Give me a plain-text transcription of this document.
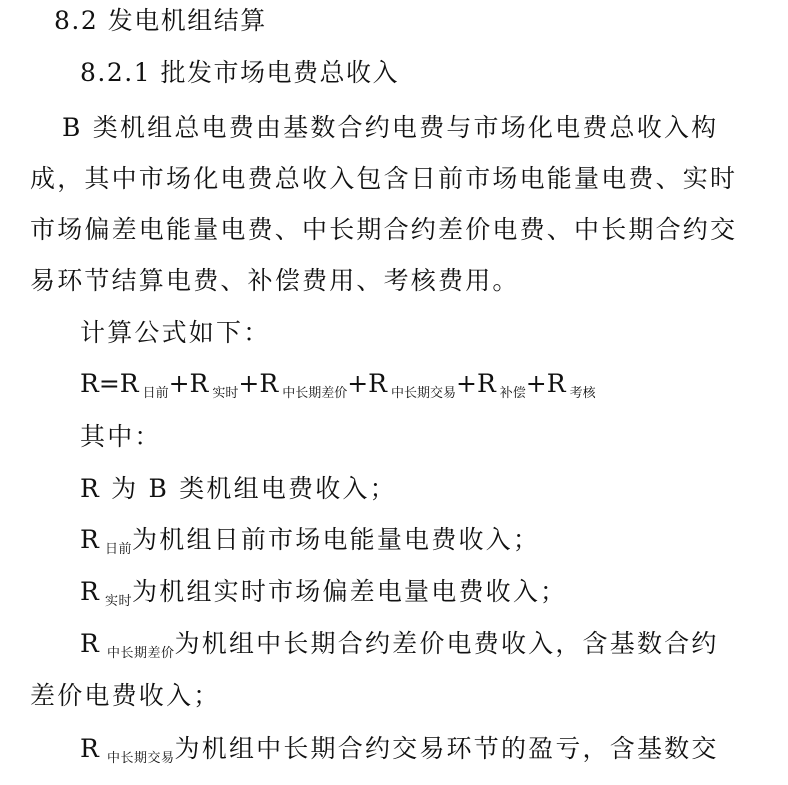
8.2 发电机组结算

8.2.1 批发市场电费总收入

B 类机组总电费由基数合约电费与市场化电费总收入构

成，其中市场化电费总收入包含日前市场电能量电费、实时

市场偏差电能量电费、中长期合约差价电费、中长期合约交

易环节结算电费、补偿费用、考核费用。

计算公式如下：

R=R $_{日前}$+R $_{实时}$+R $_{中长期差价}$+R $_{中长期交易}$+R $_{补偿}$+R $_{考核}$

其中：

R 为 B 类机组电费收入；

R $_{日前}$为机组日前市场电能量电费收入；

R $_{实时}$为机组实时市场偏差电量电费收入；

R $_{中长期差价}$为机组中长期合约差价电费收入，含基数合约

差价电费收入；

R $_{中长期交易}$为机组中长期合约交易环节的盈亏，含基数交
